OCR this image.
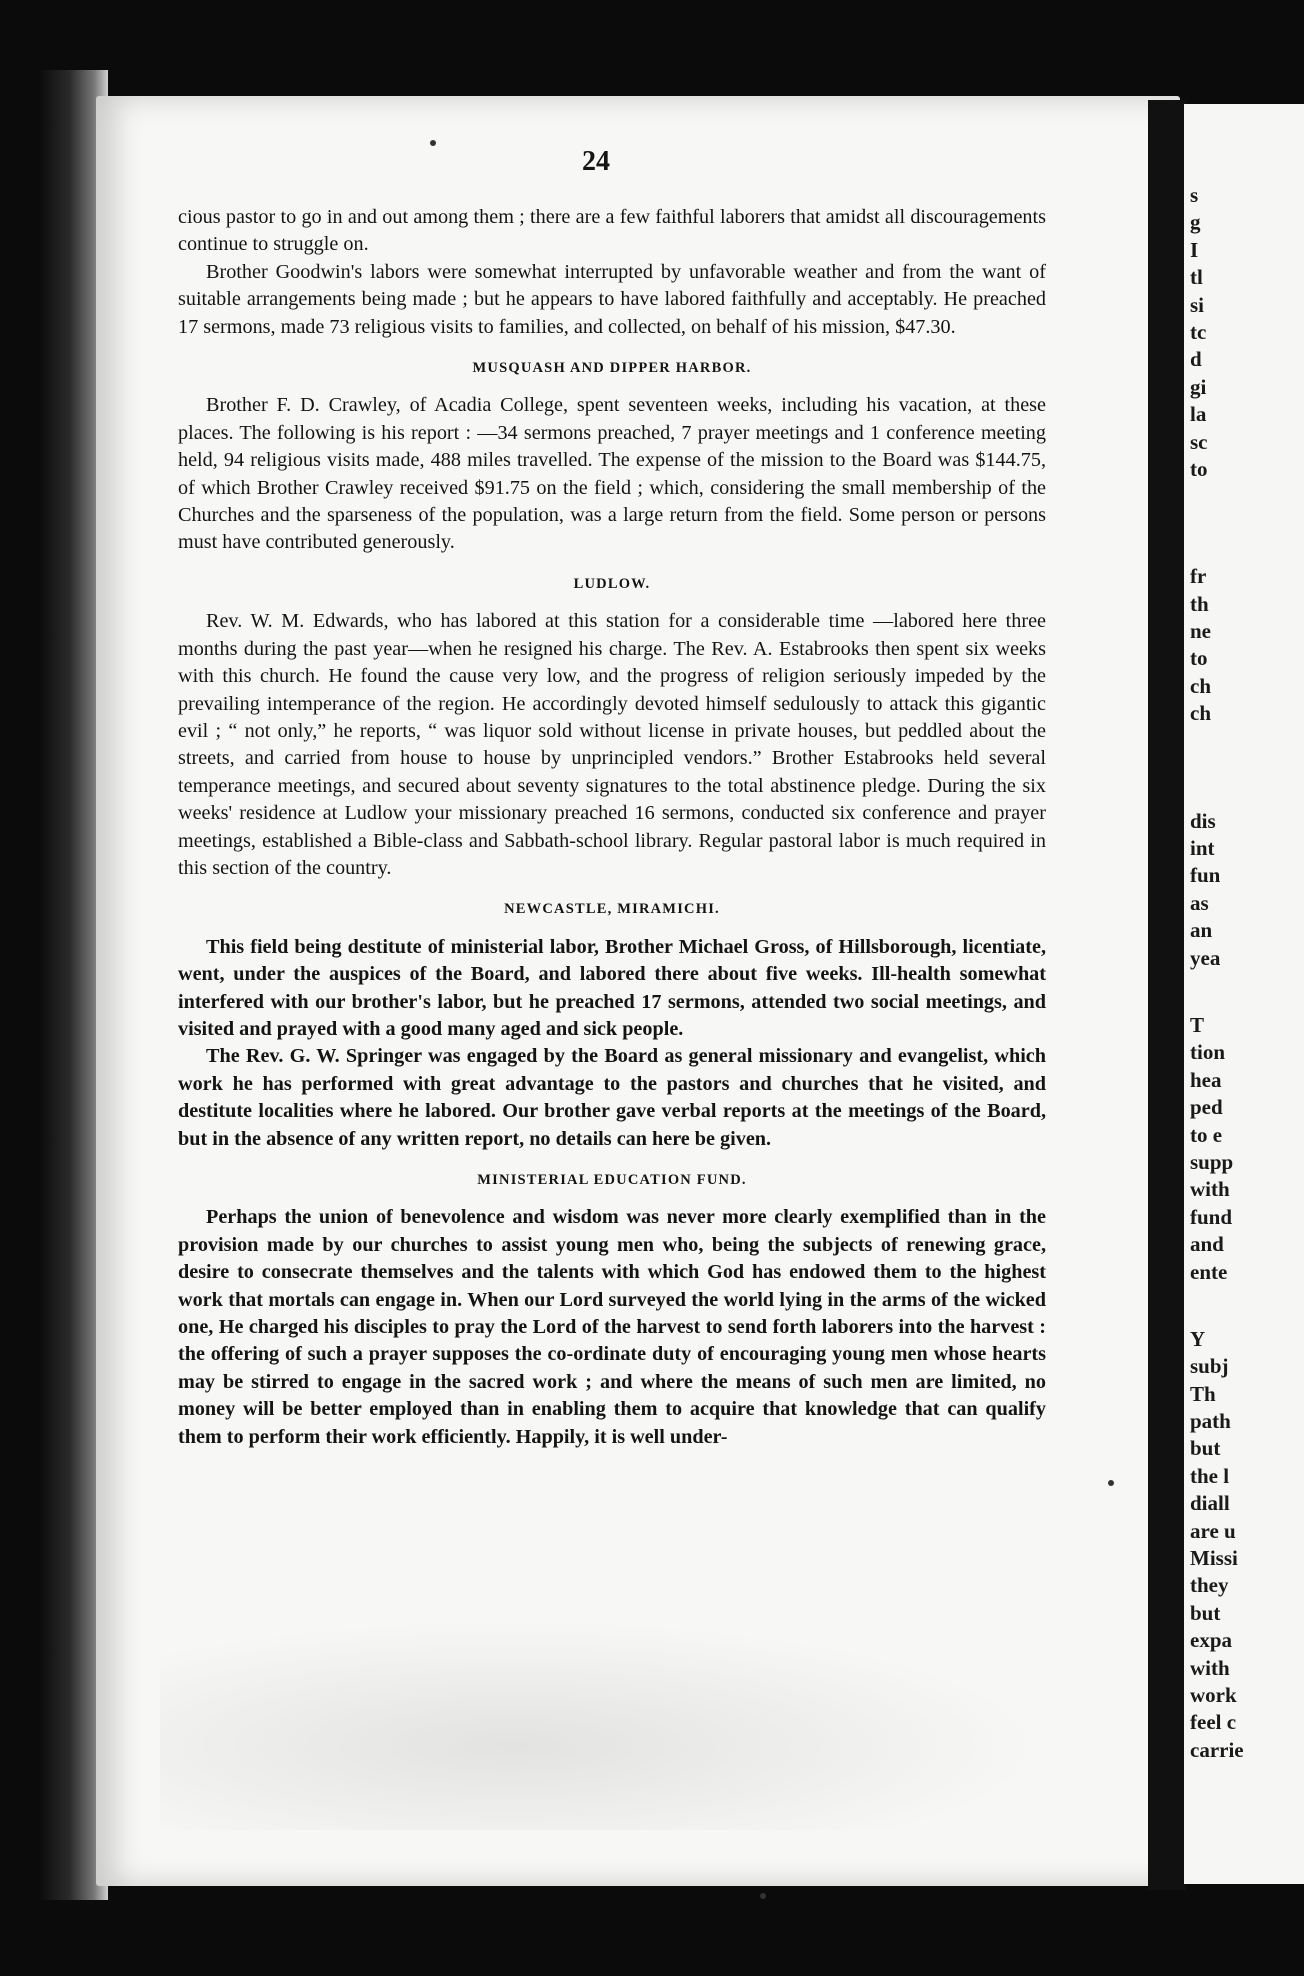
24

cious pastor to go in and out among them ; there are a few faithful laborers that amidst all discouragements continue to struggle on.

Brother Goodwin's labors were somewhat interrupted by unfavorable weather and from the want of suitable arrangements being made ; but he appears to have labored faithfully and acceptably. He preached 17 sermons, made 73 religious visits to families, and collected, on behalf of his mission, $47.30.

MUSQUASH AND DIPPER HARBOR.

Brother F. D. Crawley, of Acadia College, spent seventeen weeks, including his vacation, at these places. The following is his report : —34 sermons preached, 7 prayer meetings and 1 conference meeting held, 94 religious visits made, 488 miles travelled. The expense of the mission to the Board was $144.75, of which Brother Crawley received $91.75 on the field ; which, considering the small membership of the Churches and the sparseness of the population, was a large return from the field. Some person or persons must have contributed generously.

LUDLOW.

Rev. W. M. Edwards, who has labored at this station for a considerable time —labored here three months during the past year—when he resigned his charge. The Rev. A. Estabrooks then spent six weeks with this church. He found the cause very low, and the progress of religion seriously impeded by the prevailing intemperance of the region. He accordingly devoted himself sedulously to attack this gigantic evil ; “ not only,” he reports, “ was liquor sold without license in private houses, but peddled about the streets, and carried from house to house by unprincipled vendors.” Brother Estabrooks held several temperance meetings, and secured about seventy signatures to the total abstinence pledge. During the six weeks' residence at Ludlow your missionary preached 16 sermons, conducted six conference and prayer meetings, established a Bible-class and Sabbath-school library. Regular pastoral labor is much required in this section of the country.

NEWCASTLE, MIRAMICHI.

This field being destitute of ministerial labor, Brother Michael Gross, of Hillsborough, licentiate, went, under the auspices of the Board, and labored there about five weeks. Ill-health somewhat interfered with our brother's labor, but he preached 17 sermons, attended two social meetings, and visited and prayed with a good many aged and sick people.

The Rev. G. W. Springer was engaged by the Board as general missionary and evangelist, which work he has performed with great advantage to the pastors and churches that he visited, and destitute localities where he labored. Our brother gave verbal reports at the meetings of the Board, but in the absence of any written report, no details can here be given.

MINISTERIAL EDUCATION FUND.

Perhaps the union of benevolence and wisdom was never more clearly exemplified than in the provision made by our churches to assist young men who, being the subjects of renewing grace, desire to consecrate themselves and the talents with which God has endowed them to the highest work that mortals can engage in. When our Lord surveyed the world lying in the arms of the wicked one, He charged his disciples to pray the Lord of the harvest to send forth laborers into the harvest : the offering of such a prayer supposes the co-ordinate duty of encouraging young men whose hearts may be stirred to engage in the sacred work ; and where the means of such men are limited, no money will be better employed than in enabling them to acquire that knowledge that can qualify them to perform their work efficiently. Happily, it is well under-

s
g
I
tl
si
tc
d
gi
la
sc
to
fr
th
ne
to
ch
ch
dis
int
fun
as
an
yea
T
tion
hea
ped
to e
supp
with
fund
and
ente
Y
subj
Th
path
but
the l
diall
are u
Missi
they
but
expa
with
work
feel c
carrie
